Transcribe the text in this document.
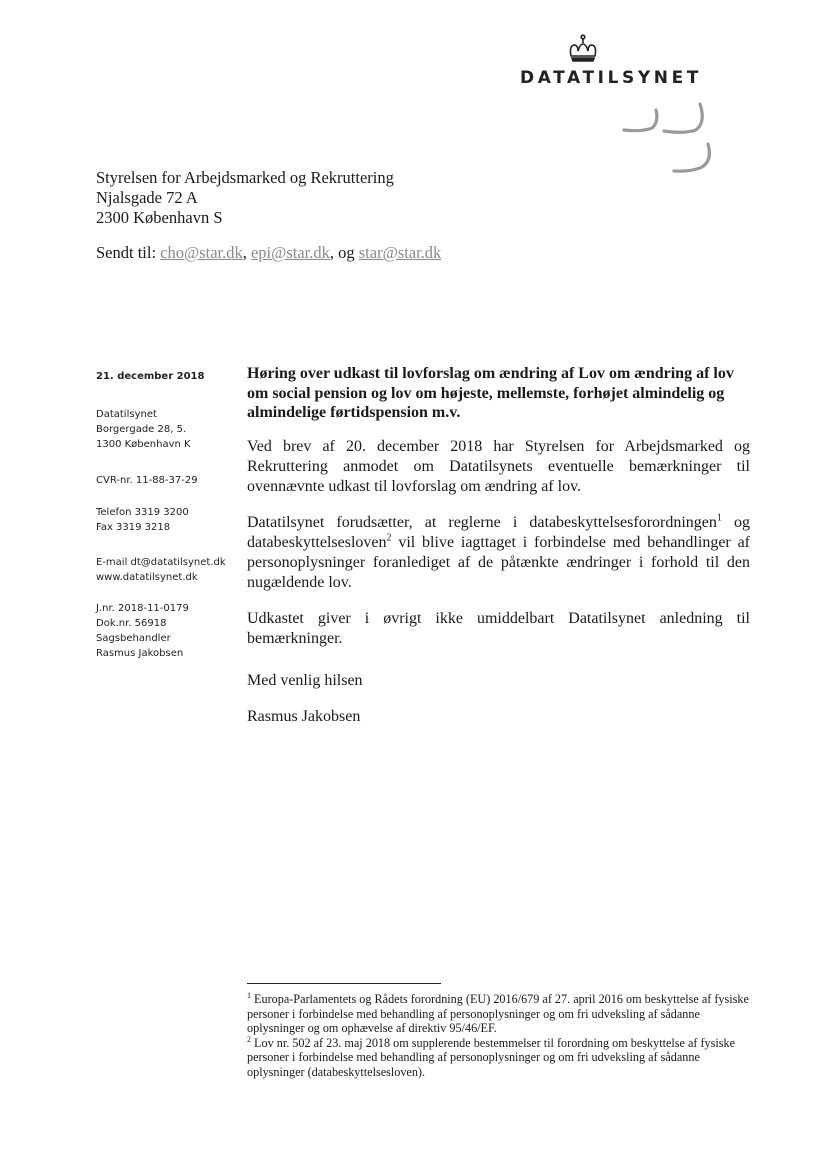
DATATILSYNET
Styrelsen for Arbejdsmarked og Rekruttering
Njalsgade 72 A
2300 København S
Sendt til: cho@star.dk, epi@star.dk, og star@star.dk
21. december 2018
Datatilsynet
Borgergade 28, 5.
1300 København K
CVR-nr. 11-88-37-29
Telefon 3319 3200
Fax 3319 3218
E-mail dt@datatilsynet.dk
www.datatilsynet.dk
J.nr. 2018-11-0179
Dok.nr. 56918
Sagsbehandler
Rasmus Jakobsen

Høring over udkast til lovforslag om ændring af Lov om ændring af lov om social pension og lov om højeste, mellemste, forhøjet almindelig og almindelige førtidspension m.v.

Ved brev af 20. december 2018 har Styrelsen for Arbejdsmarked og Rekruttering anmodet om Datatilsynets eventuelle bemærkninger til ovennævnte udkast til lovforslag om ændring af lov.

Datatilsynet forudsætter, at reglerne i databeskyttelsesforordningen$^1$ og databeskyttelsesloven$^2$ vil blive iagttaget i forbindelse med behandlinger af personoplysninger foranlediget af de påtænkte ændringer i forhold til den nugældende lov.

Udkastet giver i øvrigt ikke umiddelbart Datatilsynet anledning til bemærkninger.

Med venlig hilsen

Rasmus Jakobsen

$^1$ Europa-Parlamentets og Rådets forordning (EU) 2016/679 af 27. april 2016 om beskyttelse af fysiske personer i forbindelse med behandling af personoplysninger og om fri udveksling af sådanne oplysninger og om ophævelse af direktiv 95/46/EF.

$^2$ Lov nr. 502 af 23. maj 2018 om supplerende bestemmelser til forordning om beskyttelse af fysiske personer i forbindelse med behandling af personoplysninger og om fri udveksling af sådanne oplysninger (databeskyttelsesloven).
